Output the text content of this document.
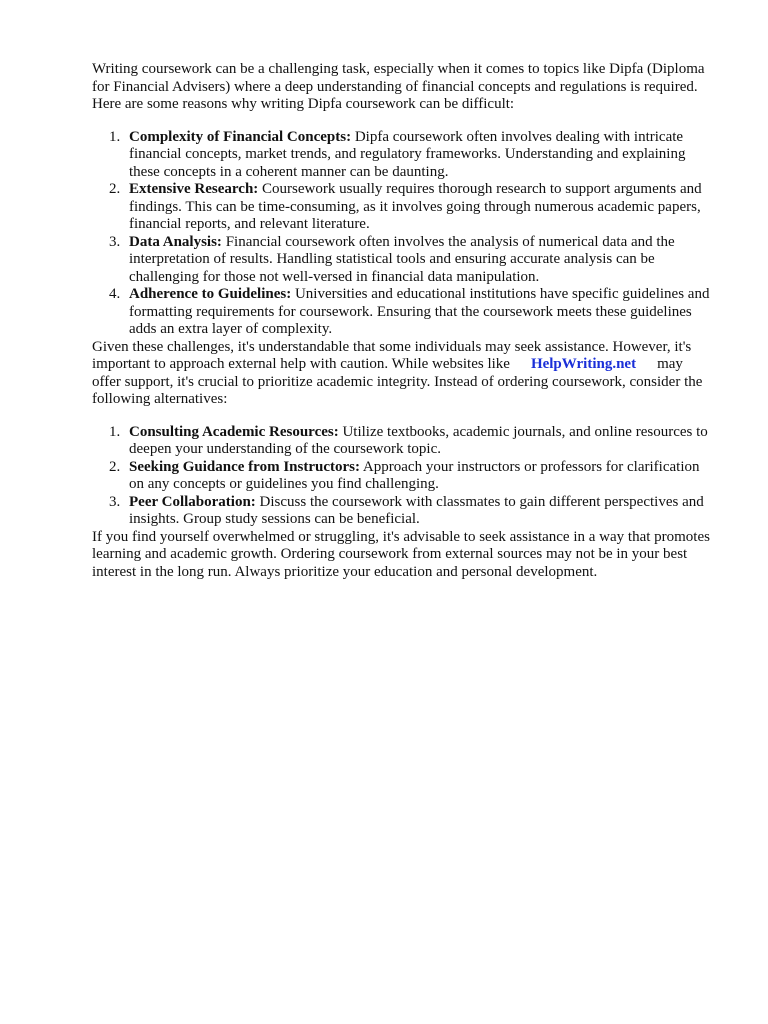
Writing coursework can be a challenging task, especially when it comes to topics like Dipfa (Diploma for Financial Advisers) where a deep understanding of financial concepts and regulations is required. Here are some reasons why writing Dipfa coursework can be difficult:

1. Complexity of Financial Concepts: Dipfa coursework often involves dealing with intricate financial concepts, market trends, and regulatory frameworks. Understanding and explaining these concepts in a coherent manner can be daunting.
2. Extensive Research: Coursework usually requires thorough research to support arguments and findings. This can be time-consuming, as it involves going through numerous academic papers, financial reports, and relevant literature.
3. Data Analysis: Financial coursework often involves the analysis of numerical data and the interpretation of results. Handling statistical tools and ensuring accurate analysis can be challenging for those not well-versed in financial data manipulation.
4. Adherence to Guidelines: Universities and educational institutions have specific guidelines and formatting requirements for coursework. Ensuring that the coursework meets these guidelines adds an extra layer of complexity.

Given these challenges, it's understandable that some individuals may seek assistance. However, it's important to approach external help with caution. While websites like HelpWriting.net may offer support, it's crucial to prioritize academic integrity. Instead of ordering coursework, consider the following alternatives:

1. Consulting Academic Resources: Utilize textbooks, academic journals, and online resources to deepen your understanding of the coursework topic.
2. Seeking Guidance from Instructors: Approach your instructors or professors for clarification on any concepts or guidelines you find challenging.
3. Peer Collaboration: Discuss the coursework with classmates to gain different perspectives and insights. Group study sessions can be beneficial.

If you find yourself overwhelmed or struggling, it's advisable to seek assistance in a way that promotes learning and academic growth. Ordering coursework from external sources may not be in your best interest in the long run. Always prioritize your education and personal development.
